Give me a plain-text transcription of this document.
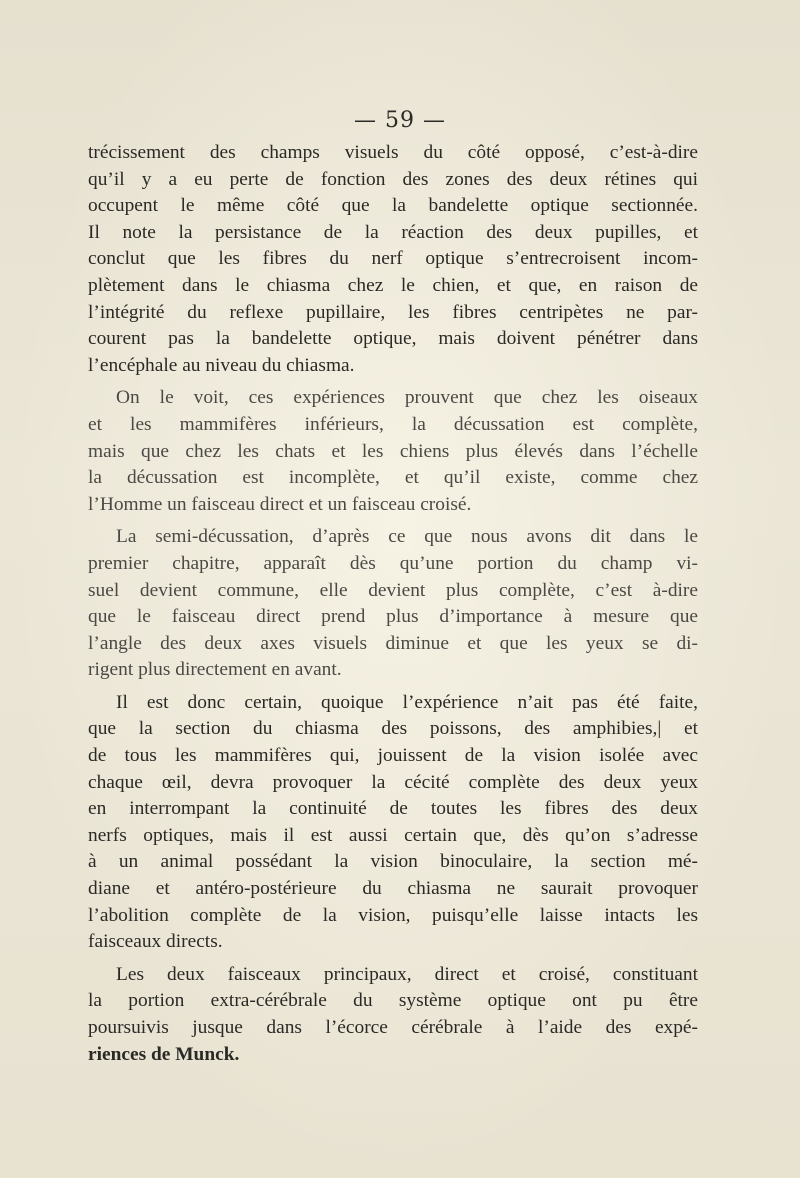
— 59 —

trécissement des champs visuels du côté opposé, c’est-à-dire
qu’il y a eu perte de fonction des zones des deux rétines qui
occupent le même côté que la bandelette optique sectionnée.
Il note la persistance de la réaction des deux pupilles, et
conclut que les fibres du nerf optique s’entrecroisent incom-
plètement dans le chiasma chez le chien, et que, en raison de
l’intégrité du reflexe pupillaire, les fibres centripètes ne par-
courent pas la bandelette optique, mais doivent pénétrer dans
l’encéphale au niveau du chiasma.

On le voit, ces expériences prouvent que chez les oiseaux
et les mammifères inférieurs, la décussation est complète,
mais que chez les chats et les chiens plus élevés dans l’échelle
la décussation est incomplète, et qu’il existe, comme chez
l’Homme un faisceau direct et un faisceau croisé.

La semi-décussation, d’après ce que nous avons dit dans le
premier chapitre, apparaît dès qu’une portion du champ vi-
suel devient commune, elle devient plus complète, c’est à-dire
que le faisceau direct prend plus d’importance à mesure que
l’angle des deux axes visuels diminue et que les yeux se di-
rigent plus directement en avant.

Il est donc certain, quoique l’expérience n’ait pas été faite,
que la section du chiasma des poissons, des amphibies,| et
de tous les mammifères qui, jouissent de la vision isolée avec
chaque œil, devra provoquer la cécité complète des deux yeux
en interrompant la continuité de toutes les fibres des deux
nerfs optiques, mais il est aussi certain que, dès qu’on s’adresse
à un animal possédant la vision binoculaire, la section mé-
diane et antéro-postérieure du chiasma ne saurait provoquer
l’abolition complète de la vision, puisqu’elle laisse intacts les
faisceaux directs.

Les deux faisceaux principaux, direct et croisé, constituant
la portion extra-cérébrale du système optique ont pu être
poursuivis jusque dans l’écorce cérébrale à l’aide des expé-
riences de Munck.
